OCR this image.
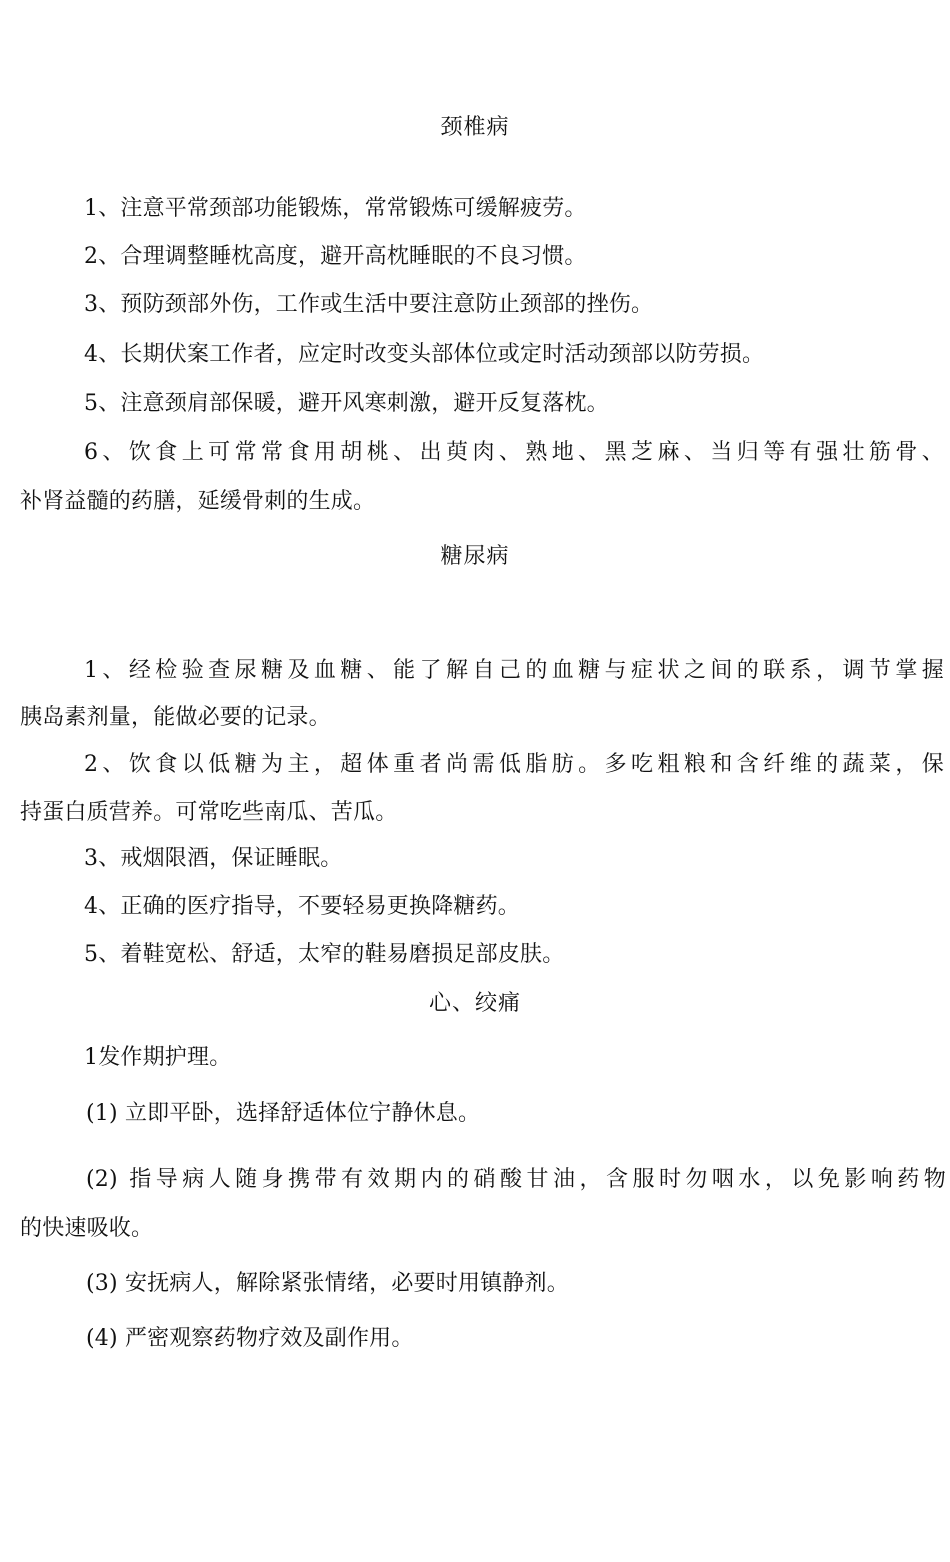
颈椎病
1、注意平常颈部功能锻炼，常常锻炼可缓解疲劳。
2、合理调整睡枕高度，避开高枕睡眠的不良习惯。
3、预防颈部外伤，工作或生活中要注意防止颈部的挫伤。
4、长期伏案工作者，应定时改变头部体位或定时活动颈部以防劳损。
5、注意颈肩部保暖，避开风寒刺激，避开反复落枕。
6、饮食上可常常食用胡桃、出萸肉、熟地、黑芝麻、当归等有强壮筋骨、
补肾益髓的药膳，延缓骨刺的生成。
糖尿病
1、经检验查尿糖及血糖、能了解自己的血糖与症状之间的联系，调节掌握
胰岛素剂量，能做必要的记录。
2、饮食以低糖为主，超体重者尚需低脂肪。多吃粗粮和含纤维的蔬菜，保
持蛋白质营养。可常吃些南瓜、苦瓜。
3、戒烟限酒，保证睡眠。
4、正确的医疗指导，不要轻易更换降糖药。
5、着鞋宽松、舒适，太窄的鞋易磨损足部皮肤。
心、绞痛
1发作期护理。
(1) 立即平卧，选择舒适体位宁静休息。
(2) 指导病人随身携带有效期内的硝酸甘油，含服时勿咽水，以免影响药物
的快速吸收。
(3) 安抚病人，解除紧张情绪，必要时用镇静剂。
(4) 严密观察药物疗效及副作用。
